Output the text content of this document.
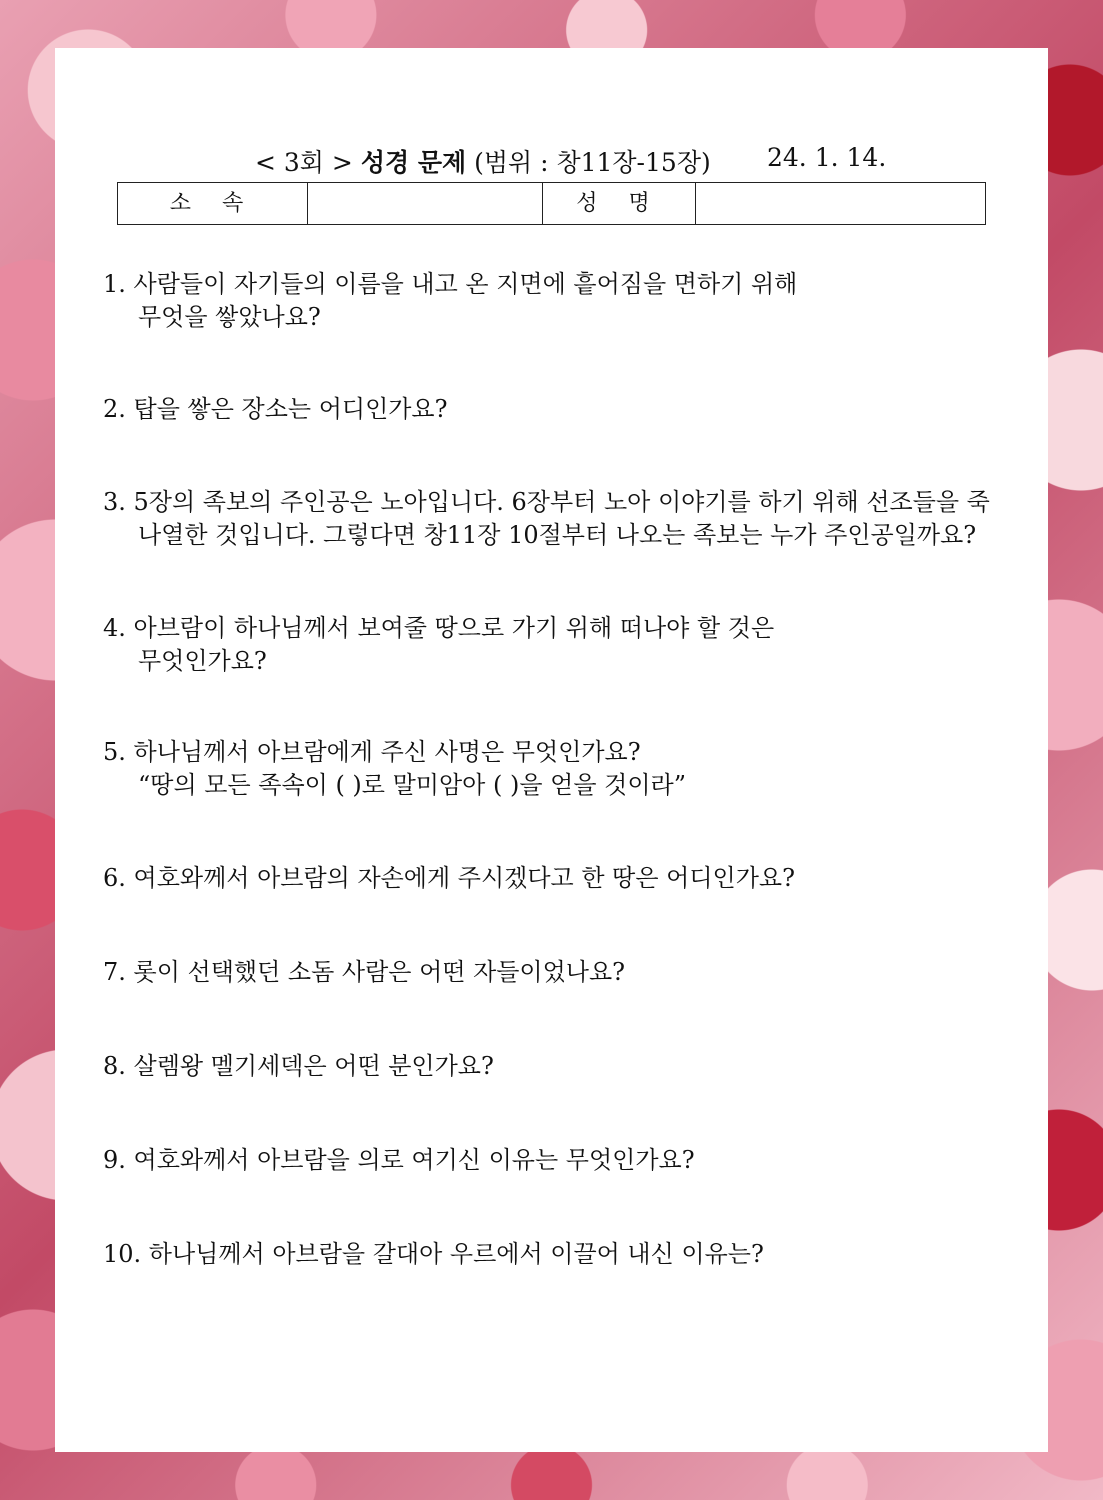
< 3회 > 성경 문제 (범위 : 창11장-15장) 24. 1. 14.
소 속	성 명
1. 사람들이 자기들의 이름을 내고 온 지면에 흩어짐을 면하기 위해
무엇을 쌓았나요?
2. 탑을 쌓은 장소는 어디인가요?
3. 5장의 족보의 주인공은 노아입니다. 6장부터 노아 이야기를 하기 위해 선조들을 죽
나열한 것입니다. 그렇다면 창11장 10절부터 나오는 족보는 누가 주인공일까요?
4. 아브람이 하나님께서 보여줄 땅으로 가기 위해 떠나야 할 것은
무엇인가요?
5. 하나님께서 아브람에게 주신 사명은 무엇인가요?
“땅의 모든 족속이 ( )로 말미암아 ( )을 얻을 것이라”
6. 여호와께서 아브람의 자손에게 주시겠다고 한 땅은 어디인가요?
7. 롯이 선택했던 소돔 사람은 어떤 자들이었나요?
8. 살렘왕 멜기세덱은 어떤 분인가요?
9. 여호와께서 아브람을 의로 여기신 이유는 무엇인가요?
10. 하나님께서 아브람을 갈대아 우르에서 이끌어 내신 이유는?
